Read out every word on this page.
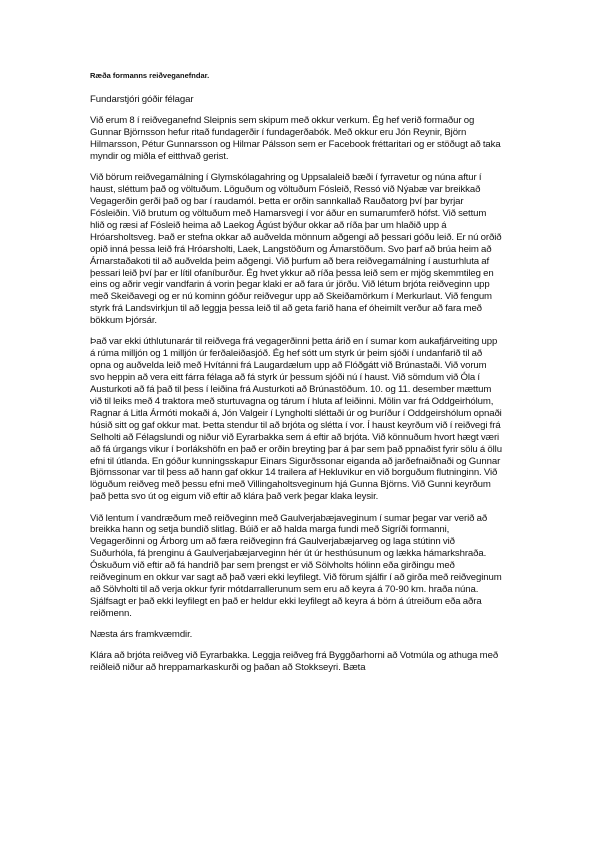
Ræða formanns reiðveganefndar.

Fundarstjóri góðir félagar

Við erum 8 í reiðveganefnd Sleipnis sem skipum með okkur verkum. Ég hef verið formaður og Gunnar Björnsson hefur ritað fundagerðir í fundagerðabók. Með okkur eru Jón Reynir, Björn Hilmarsson, Pétur Gunnarsson og Hilmar Pálsson sem er Facebook fréttaritari og er stöðugt að taka myndir og miðla ef eitthvað gerist.

Við börum reiðvegamálning í Glymskólagahring og Uppsalaleið bæði í fyrravetur og núna aftur í haust, sléttum það og völtuðum. Löguðum og völtuðum Fósleið, Ressó við Nýabæ var breikkað Vegagerðin gerði það og bar í raudamól. Þetta er orðin sannkallað Rauðatorg því þar byrjar Fósleiðin. Við brutum og völtuðum með Hamarsvegi í vor áður en sumarumferð hófst. Við settum hlið og ræsi af Fósleið heima að Laekog Ágúst býður okkar að ríða þar um hlaðið upp á Hróarsholtsveg. Það er stefna okkar að auðvelda mönnum aðgengi að þessari góðu leið. Er nú orðið opið inná þessa leið frá Hróarsholti, Laek, Langstöðum og Ámarstöðum. Svo þarf að brúa heim að Árnarstaðakoti til að auðvelda þeim aðgengi. Við þurfum að bera reiðvegamálning í austurhluta af þessari leið því þar er lítil ofaníburður. Ég hvet ykkur að ríða þessa leið sem er mjög skemmtileg en eins og aðrir vegir vandfarin á vorin þegar klaki er að fara úr jörðu. Við létum brjóta reiðveginn upp með Skeiðavegi og er nú kominn góður reiðvegur upp að Skeiðamörkum í Merkurlaut. Við fengum styrk frá Landsvirkjun til að leggja þessa leið til að geta farið hana ef óheimilt verður að fara með bökkum Þjórsár.

Það var ekki úthlutunarár til reiðvega frá vegagerðinni þetta árið en í sumar kom aukafjárveiting upp á rúma milljón og 1 milljón úr ferðaleiðasjóð. Ég hef sótt um styrk úr þeim sjóði í undanfarið til að opna og auðvelda leið með Hvítánni frá Laugardælum upp að Flóðgátt við Brúnastaði. Við vorum svo heppin að vera eitt fárra félaga að fá styrk úr þessum sjóði nú í haust. Við sömdum við Óla í Austurkoti að fá það til þess í leiðina frá Austurkoti að Brúnastöðum. 10. og 11. desember mættum við til leiks með 4 traktora með sturtuvagna og tárum í hluta af leiðinni. Mölin var frá Oddgeirhólum, Ragnar á Litla Ármóti mokaði á, Jón Valgeir í Lyngholti sléttaði úr og Þuríður í Oddgeirshólum opnaði húsið sitt og gaf okkur mat. Þetta stendur til að brjóta og slétta í vor. Í haust keyrðum við í reiðvegi frá Selholti að Félagslundi og niður við Eyrarbakka sem á eftir að brjóta. Við könnuðum hvort hægt væri að fá úrgangs vikur í Þorlákshöfn en það er orðin breyting þar á þar sem það ppnaðist fyrir sölu á öllu efni til útlanda. En góður kunningsskapur Einars Sigurðssonar eiganda að jarðefnaiðnaði og Gunnar Björnssonar var til þess að hann gaf okkur 14 trailera af Hekluvikur en við borguðum flutninginn. Við löguðum reiðveg með þessu efni með Villingaholtsveginum hjá Gunna Björns. Við Gunni keyrðum það þetta svo út og eigum við eftir að klára það verk þegar klaka leysir.

Við lentum í vandræðum með reiðveginn með Gaulverjabæjaveginum í sumar þegar var verið að breikka hann og setja bundið slitlag. Búið er að halda marga fundi með Sigríði formanni, Vegagerðinni og Árborg um að færa reiðveginn frá Gaulverjabæjarveg og laga stútinn við Suðurhóla, fá þrenginu á Gaulverjabæjarveginn hér út úr hesthúsunum og lækka hámarkshraða. Óskuðum við eftir að fá handrið þar sem þrengst er við Sölvholts hólinn eða girðingu með reiðveginum en okkur var sagt að það væri ekki leyfilegt. Við förum sjálfir í að girða með reiðveginum að Sölvholti til að verja okkur fyrir mótdarrallerunum sem eru að keyra á 70-90 km. hraða núna. Sjálfsagt er það ekki leyfilegt en það er heldur ekki leyfilegt að keyra á börn á útreiðum eða aðra reiðmenn.

Næsta árs framkvæmdir.

Klára að brjóta reiðveg við Eyrarbakka. Leggja reiðveg frá Byggðarhorni að Votmúla og athuga með reiðleið niður að hreppamarkaskurði og þaðan að Stokkseyri. Bæta
